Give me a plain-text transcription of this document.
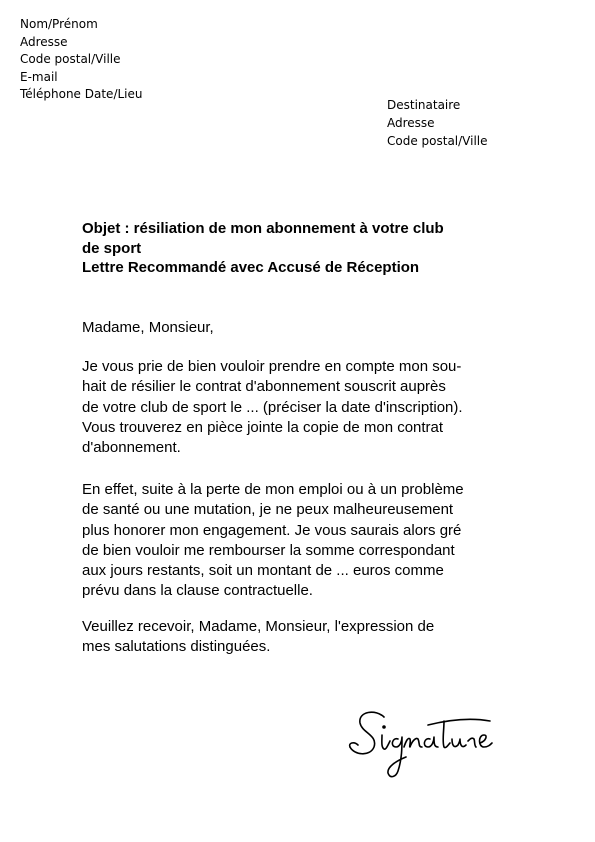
Nom/Prénom
Adresse
Code postal/Ville
E-mail
Téléphone Date/Lieu
Destinataire
Adresse
Code postal/Ville
Objet : résiliation de mon abonnement à votre club
de sport
Lettre Recommandé avec Accusé de Réception
Madame, Monsieur,
Je vous prie de bien vouloir prendre en compte mon sou-
hait de résilier le contrat d'abonnement souscrit auprès
de votre club de sport le ... (préciser la date d'inscription).
Vous trouverez en pièce jointe la copie de mon contrat
d'abonnement.
En effet, suite à la perte de mon emploi ou à un problème
de santé ou une mutation, je ne peux malheureusement
plus honorer mon engagement. Je vous saurais alors gré
de bien vouloir me rembourser la somme correspondant
aux jours restants, soit un montant de ... euros comme
prévu dans la clause contractuelle.
Veuillez recevoir, Madame, Monsieur, l'expression de
mes salutations distinguées.
